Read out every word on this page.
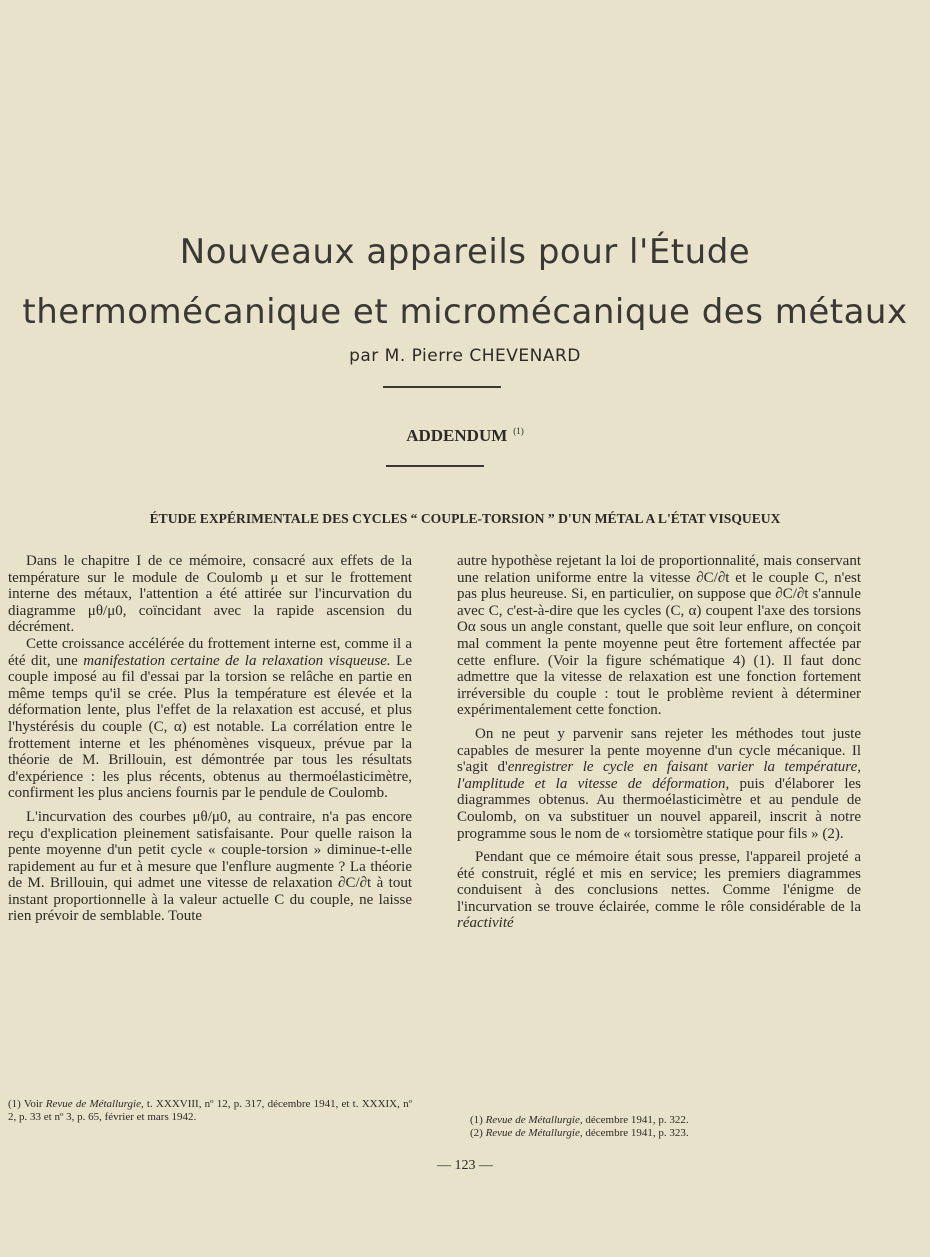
Nouveaux appareils pour l'Étude
thermomécanique et micromécanique des métaux
par M. Pierre CHEVENARD
ADDENDUM $^{(1)}$
ÉTUDE EXPÉRIMENTALE DES CYCLES “ COUPLE-TORSION ” D'UN MÉTAL A L'ÉTAT VISQUEUX

Dans le chapitre I de ce mémoire, consacré aux effets de la température sur le module de Coulomb μ et sur le frottement interne des métaux, l'attention a été attirée sur l'incurvation du diagramme μθ/μ0, coïncidant avec la rapide ascension du décrément.

Cette croissance accélérée du frottement interne est, comme il a été dit, une manifestation certaine de la relaxation visqueuse. Le couple imposé au fil d'essai par la torsion se relâche en partie en même temps qu'il se crée. Plus la température est élevée et la déformation lente, plus l'effet de la relaxation est accusé, et plus l'hystérésis du couple (C, α) est notable. La corrélation entre le frottement interne et les phénomènes visqueux, prévue par la théorie de M. Brillouin, est démontrée par tous les résultats d'expérience : les plus récents, obtenus au thermoélasticimètre, confirment les plus anciens fournis par le pendule de Coulomb.

L'incurvation des courbes μθ/μ0, au contraire, n'a pas encore reçu d'explication pleinement satisfaisante. Pour quelle raison la pente moyenne d'un petit cycle « couple-torsion » diminue-t-elle rapidement au fur et à mesure que l'enflure augmente ? La théorie de M. Brillouin, qui admet une vitesse de relaxation ∂C/∂t à tout instant proportionnelle à la valeur actuelle C du couple, ne laisse rien prévoir de semblable. Toute

autre hypothèse rejetant la loi de proportionnalité, mais conservant une relation uniforme entre la vitesse ∂C/∂t et le couple C, n'est pas plus heureuse. Si, en particulier, on suppose que ∂C/∂t s'annule avec C, c'est-à-dire que les cycles (C, α) coupent l'axe des torsions Oα sous un angle constant, quelle que soit leur enflure, on conçoit mal comment la pente moyenne peut être fortement affectée par cette enflure. (Voir la figure schématique 4) (1). Il faut donc admettre que la vitesse de relaxation est une fonction fortement irréversible du couple : tout le problème revient à déterminer expérimentalement cette fonction.

On ne peut y parvenir sans rejeter les méthodes tout juste capables de mesurer la pente moyenne d'un cycle mécanique. Il s'agit d'enregistrer le cycle en faisant varier la température, l'amplitude et la vitesse de déformation, puis d'élaborer les diagrammes obtenus. Au thermoélasticimètre et au pendule de Coulomb, on va substituer un nouvel appareil, inscrit à notre programme sous le nom de « torsiomètre statique pour fils » (2).

Pendant que ce mémoire était sous presse, l'appareil projeté a été construit, réglé et mis en service; les premiers diagrammes conduisent à des conclusions nettes. Comme l'énigme de l'incurvation se trouve éclairée, comme le rôle considérable de la réactivité

(1) Voir Revue de Métallurgie, t. XXXVIII, nº 12, p. 317, décembre 1941, et t. XXXIX, nº 2, p. 33 et nº 3, p. 65, février et mars 1942.	(1) Revue de Métallurgie, décembre 1941, p. 322.

(2) Revue de Métallurgie, décembre 1941, p. 323.

— 123 —
